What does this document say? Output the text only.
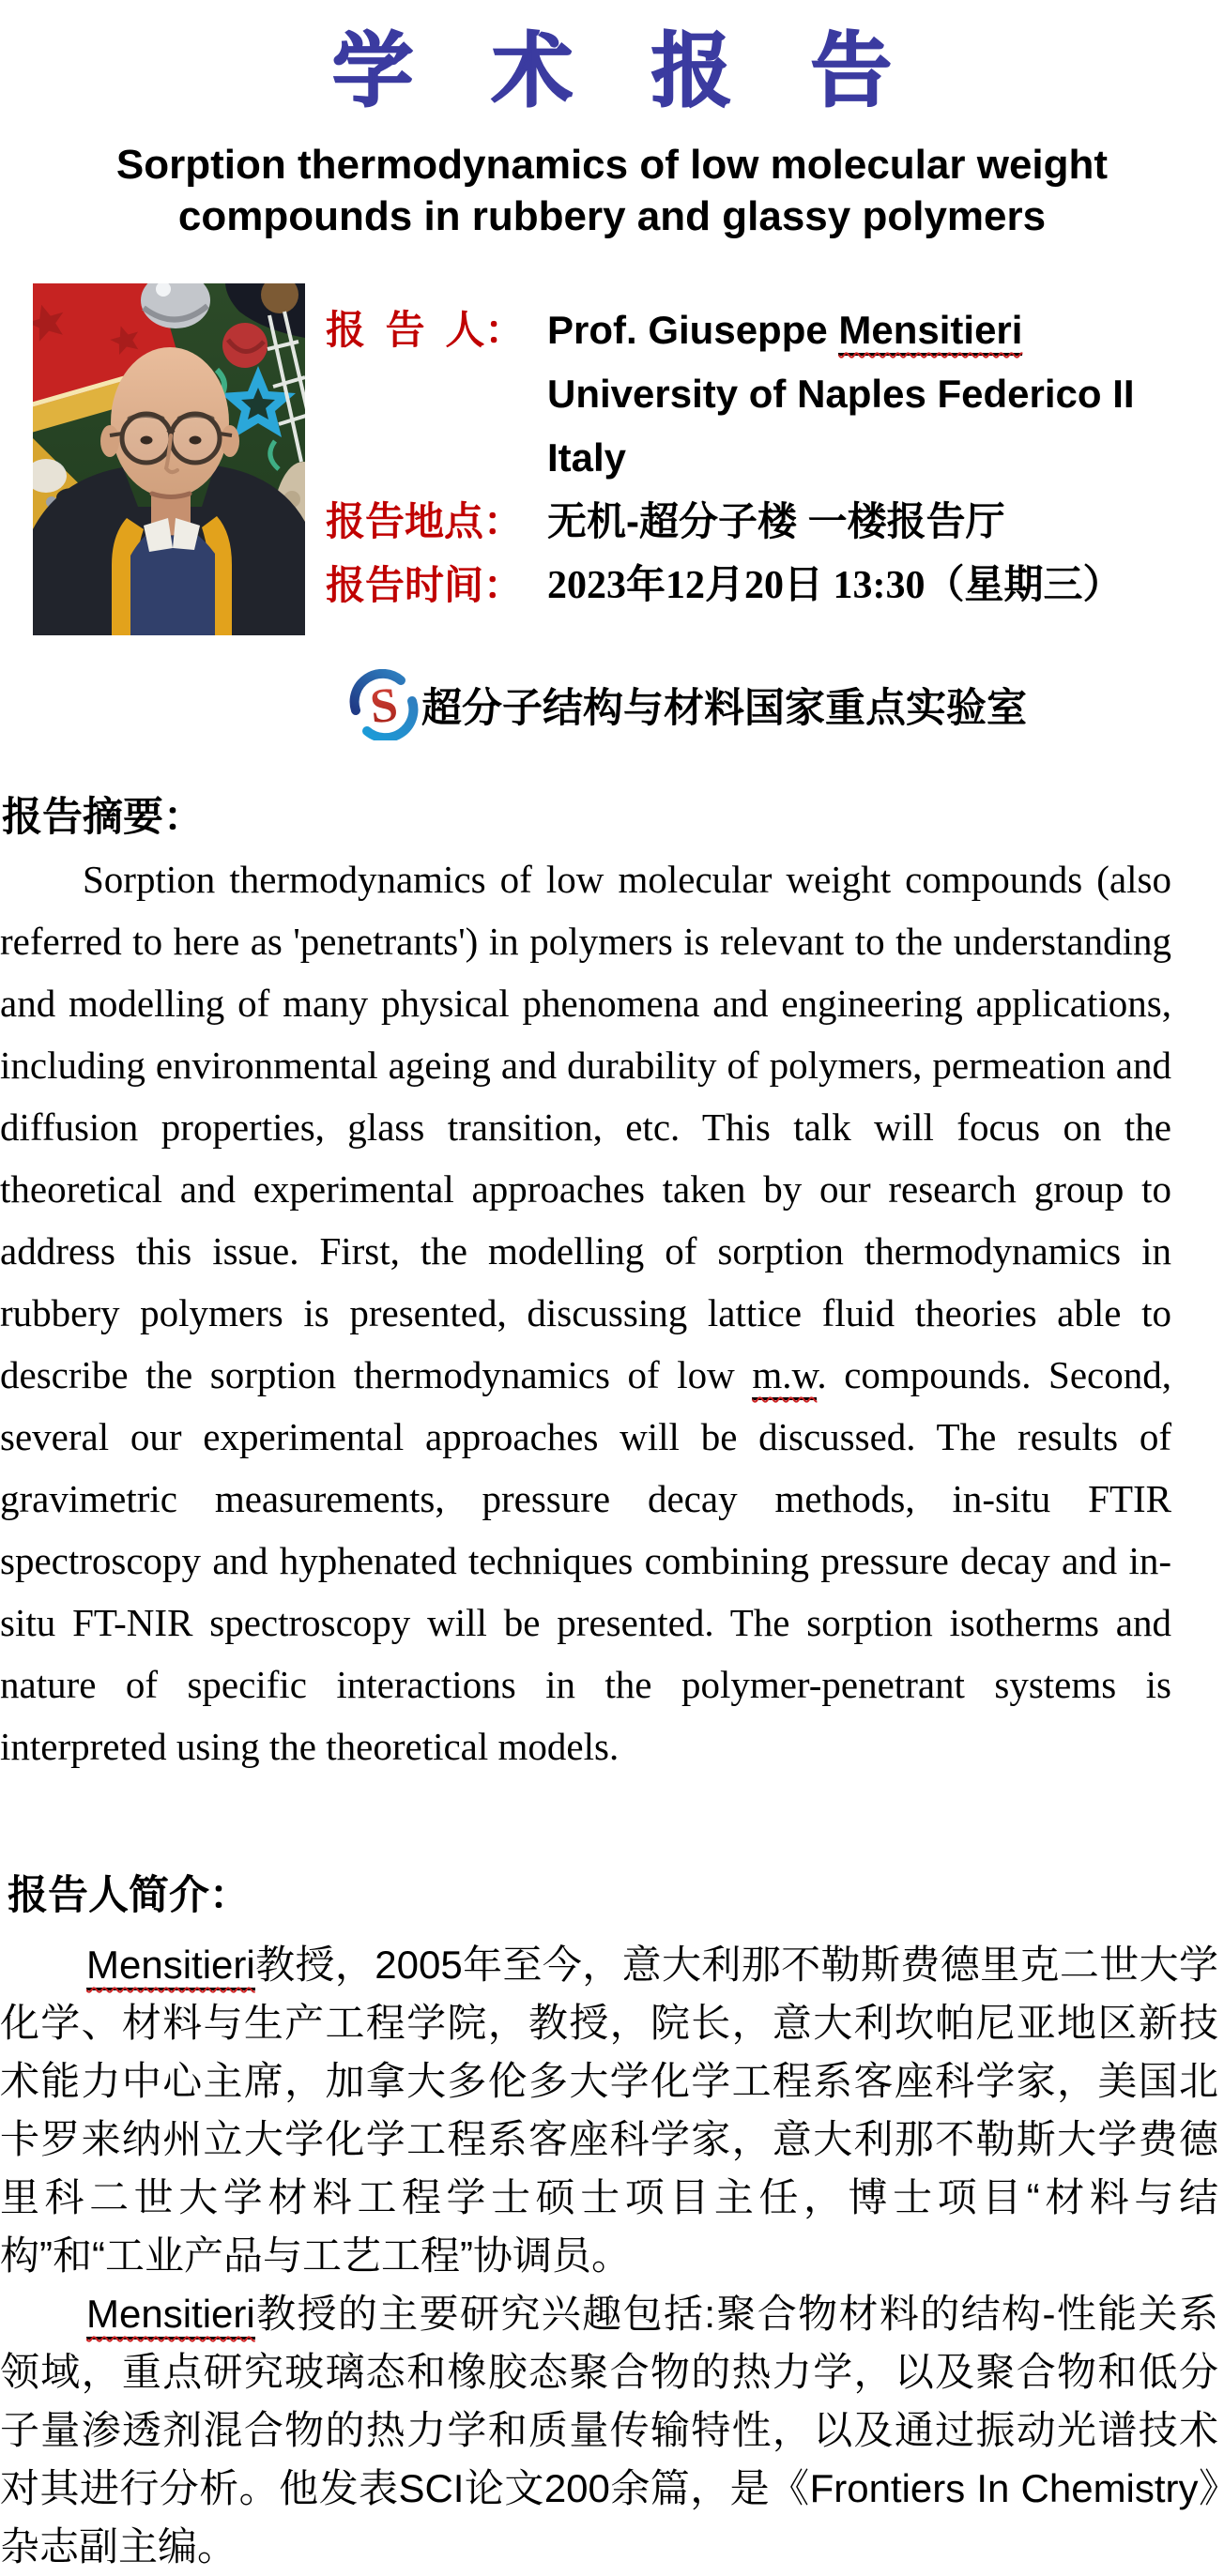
学 术 报 告
Sorption thermodynamics of low molecular weight
compounds in rubbery and glassy polymers
报 告 人： Prof. Giuseppe Mensitieri
University of Naples Federico II
Italy
报告地点： 无机-超分子楼 一楼报告厅
报告时间： 2023年12月20日 13:30（星期三）
S 超分子结构与材料国家重点实验室
报告摘要：

Sorption thermodynamics of low molecular weight compounds (also referred to here as 'penetrants') in polymers is relevant to the understanding and modelling of many physical phenomena and engineering applications, including environmental ageing and durability of polymers, permeation and diffusion properties, glass transition, etc. This talk will focus on the theoretical and experimental approaches taken by our research group to address this issue. First, the modelling of sorption thermodynamics in rubbery polymers is presented, discussing lattice fluid theories able to describe the sorption thermodynamics of low m.w. compounds. Second, several our experimental approaches will be discussed. The results of gravimetric measurements, pressure decay methods, in-situ FTIR spectroscopy and hyphenated techniques combining pressure decay and in-situ FT-NIR spectroscopy will be presented. The sorption isotherms and nature of specific interactions in the polymer-penetrant systems is interpreted using the theoretical models.

报告人简介：

Mensitieri教授，2005年至今，意大利那不勒斯费德里克二世大学化学、材料与生产工程学院，教授，院长，意大利坎帕尼亚地区新技术能力中心主席，加拿大多伦多大学化学工程系客座科学家，美国北卡罗来纳州立大学化学工程系客座科学家，意大利那不勒斯大学费德里科二世大学材料工程学士硕士项目主任，博士项目“材料与结构”和“工业产品与工艺工程”协调员。

Mensitieri教授的主要研究兴趣包括:聚合物材料的结构-性能关系领域，重点研究玻璃态和橡胶态聚合物的热力学，以及聚合物和低分子量渗透剂混合物的热力学和质量传输特性，以及通过振动光谱技术对其进行分析。他发表SCI论文200余篇，是《Frontiers In Chemistry》杂志副主编。
